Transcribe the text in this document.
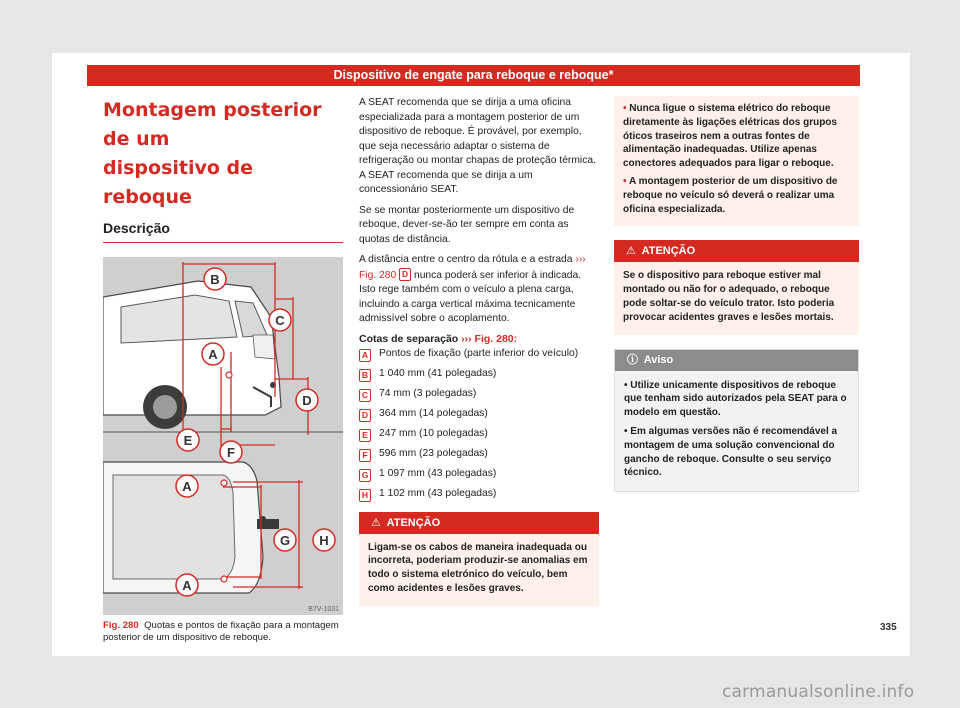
Dispositivo de engate para reboque e reboque*
Montagem posterior de um
dispositivo de reboque
Descrição
B
C
A
D
E
F
A
G H
A
B7V-1031
Fig. 280 Quotas e pontos de fixação para a montagem posterior de um dispositivo de reboque.

A SEAT recomenda que se dirija a uma oficina especializada para a montagem posterior de um dispositivo de reboque. É provável, por exemplo, que seja necessário adaptar o sistema de refrigeração ou montar chapas de proteção térmica. A SEAT recomenda que se dirija a um concessionário SEAT.

Se se montar posteriormente um dispositivo de reboque, dever-se-ão ter sempre em conta as quotas de distância.

A distância entre o centro da rótula e a estrada ››› Fig. 280 D nunca poderá ser inferior à indicada. Isto rege também com o veículo a plena carga, incluindo a carga vertical máxima tecnicamente admissível sobre o acoplamento.

Cotas de separação ››› Fig. 280:
A Pontos de fixação (parte inferior do veículo)
B 1 040 mm (41 polegadas)
C 74 mm (3 polegadas)
D 364 mm (14 polegadas)
E	247 mm (10 polegadas)
F	596 mm (23 polegadas)
G 1 097 mm (43 polegadas)
H 1 102 mm (43 polegadas)
⚠ ATENÇÃO

Ligam-se os cabos de maneira inadequada ou incorreta, poderiam produzir-se anomalias em todo o sistema eletrónico do veículo, bem como acidentes e lesões graves.

• Nunca ligue o sistema elétrico do reboque diretamente às ligações elétricas dos grupos óticos traseiros nem a outras fontes de alimentação inadequadas. Utilize apenas conectores adequados para ligar o reboque.

• A montagem posterior de um dispositivo de reboque no veículo só deverá o realizar uma oficina especializada.

⚠ ATENÇÃO

Se o dispositivo para reboque estiver mal montado ou não for o adequado, o reboque pode soltar-se do veículo trator. Isto poderia provocar acidentes graves e lesões mortais.

ⓘ Aviso

• Utilize unicamente dispositivos de reboque que tenham sido autorizados pela SEAT para o modelo em questão.

• Em algumas versões não é recomendável a montagem de uma solução convencional do gancho de reboque. Consulte o seu serviço técnico.

335
carmanualsonline.info
